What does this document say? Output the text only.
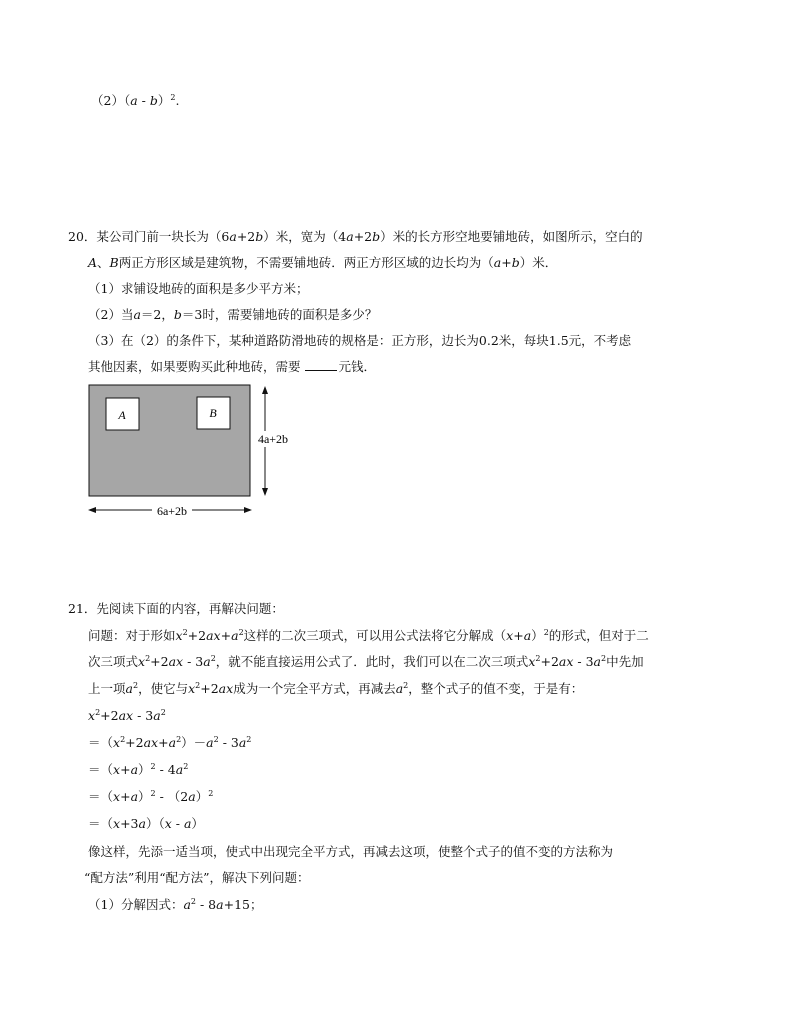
（2）（a - b）$^2$.
20．某公司门前一块长为（6a+2b）米，宽为（4a+2b）米的长方形空地要铺地砖，如图所示，空白的
A、B两正方形区域是建筑物，不需要铺地砖．两正方形区域的边长均为（a+b）米．
（1）求铺设地砖的面积是多少平方米；
（2）当a＝2，b＝3时，需要铺地砖的面积是多少？
（3）在（2）的条件下，某种道路防滑地砖的规格是：正方形，边长为0.2米，每块1.5元，不考虑
其他因素，如果要购买此种地砖，需要	元钱．
A	B
4a+2b
6a+2b
21．先阅读下面的内容，再解决问题：
问题：对于形如$x^2+2ax+a^2$这样的二次三项式，可以用公式法将它分解成$(x+a)^2$的形式，但对于二
次三项式$x^2+2ax - 3a^2$，就不能直接运用公式了．此时，我们可以在二次三项式$x^2+2ax - 3a^2$中先加
上一项$a^2$，使它与$x^2+2ax$成为一个完全平方式，再减去$a^2$，整个式子的值不变，于是有：
$x^2+2ax - 3a^2$
$=(x^2+2ax+a^2)-a^2 - 3a^2$
$=(x+a)^2 - 4a^2$
$=(x+a)^2 - (2a)^2$
＝（x+3a）（x - a）
像这样，先添一适当项，使式中出现完全平方式，再减去这项，使整个式子的值不变的方法称为
“配方法”利用“配方法”，解决下列问题：
（1）分解因式：$a^2 - 8a+15$；
